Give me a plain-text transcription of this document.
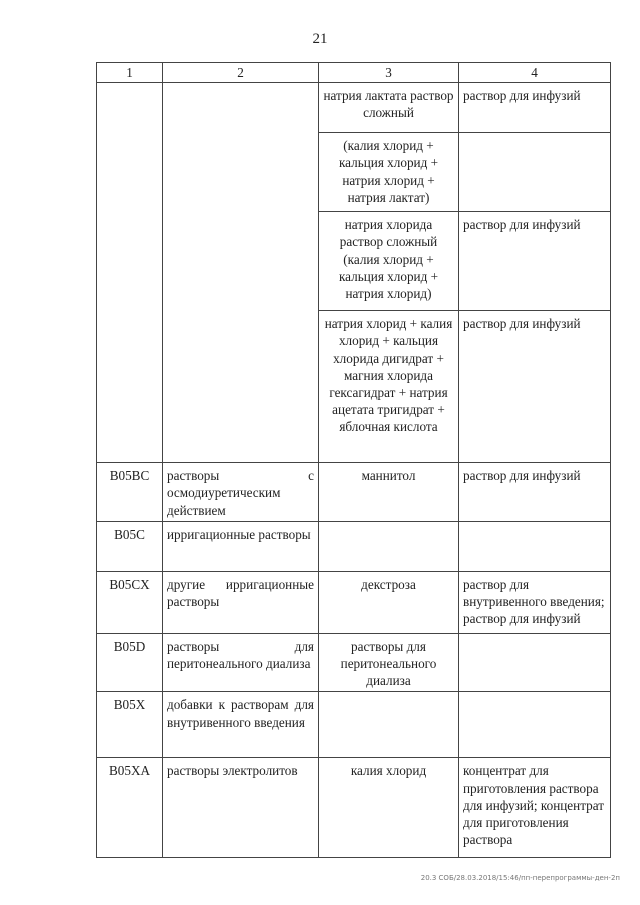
21
1	2	3	4
		натрия лактата раствор сложный	раствор для инфузий
		(калия хлорид + кальция хлорид + натрия хлорид + натрия лактат)	
		натрия хлорида раствор сложный (калия хлорид + кальция хлорид + натрия хлорид)	раствор для инфузий
		натрия хлорид + калия хлорид + кальция хлорида дигидрат + магния хлорида гексагидрат + натрия ацетата тригидрат + яблочная кислота	раствор для инфузий
B05BC	растворы с осмодиуретическим действием	маннитол	раствор для инфузий
B05C	ирригационные растворы		
B05CX	другие ирригационные растворы	декстроза	раствор для внутривенного введения; раствор для инфузий
B05D	растворы для перитонеального диализа	растворы для перитонеального диализа	
B05X	добавки к растворам для внутривенного введения		
B05XA	растворы электролитов	калия хлорид	концентрат для приготовления раствора для инфузий; концентрат для приготовления раствора
20.3 СОБ/28.03.2018/15:46/пп-перепрограммы-ден-2п
